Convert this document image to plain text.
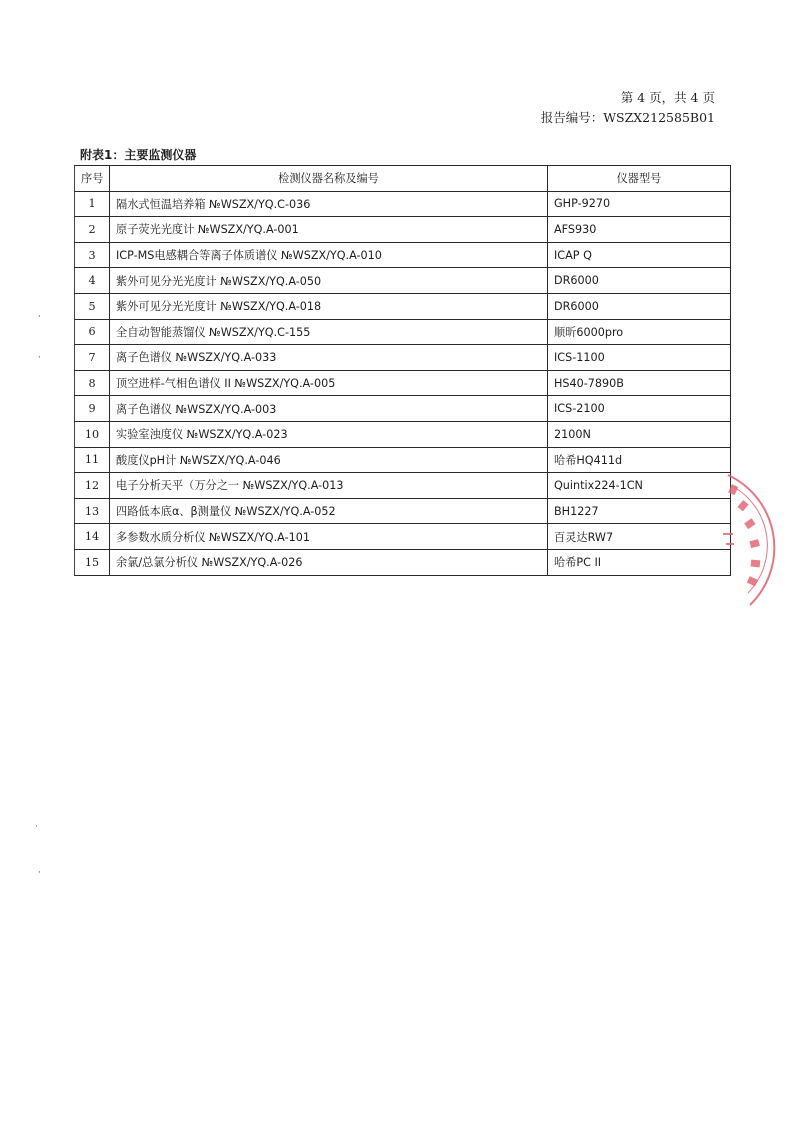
第 4 页，共 4 页
报告编号：WSZX212585B01
附表1：主要监测仪器
序号	检测仪器名称及编号	仪器型号
1	隔水式恒温培养箱 №WSZX/YQ.C-036	GHP-9270
2	原子荧光光度计 №WSZX/YQ.A-001	AFS930
3	ICP-MS电感耦合等离子体质谱仪 №WSZX/YQ.A-010	ICAP Q
4	紫外可见分光光度计 №WSZX/YQ.A-050	DR6000
5	紫外可见分光光度计 №WSZX/YQ.A-018	DR6000
6	全自动智能蒸馏仪 №WSZX/YQ.C-155	顺昕6000pro
7	离子色谱仪 №WSZX/YQ.A-033	ICS-1100
8	顶空进样-气相色谱仪 II №WSZX/YQ.A-005	HS40-7890B
9	离子色谱仪 №WSZX/YQ.A-003	ICS-2100
10	实验室浊度仪 №WSZX/YQ.A-023	2100N
11	酸度仪pH计 №WSZX/YQ.A-046	哈希HQ411d
12	电子分析天平（万分之一 №WSZX/YQ.A-013	Quintix224-1CN
13	四路低本底α、β测量仪 №WSZX/YQ.A-052	BH1227
14	多参数水质分析仪 №WSZX/YQ.A-101	百灵达RW7
15	余氯/总氯分析仪 №WSZX/YQ.A-026	哈希PC II
·
·
·
·
